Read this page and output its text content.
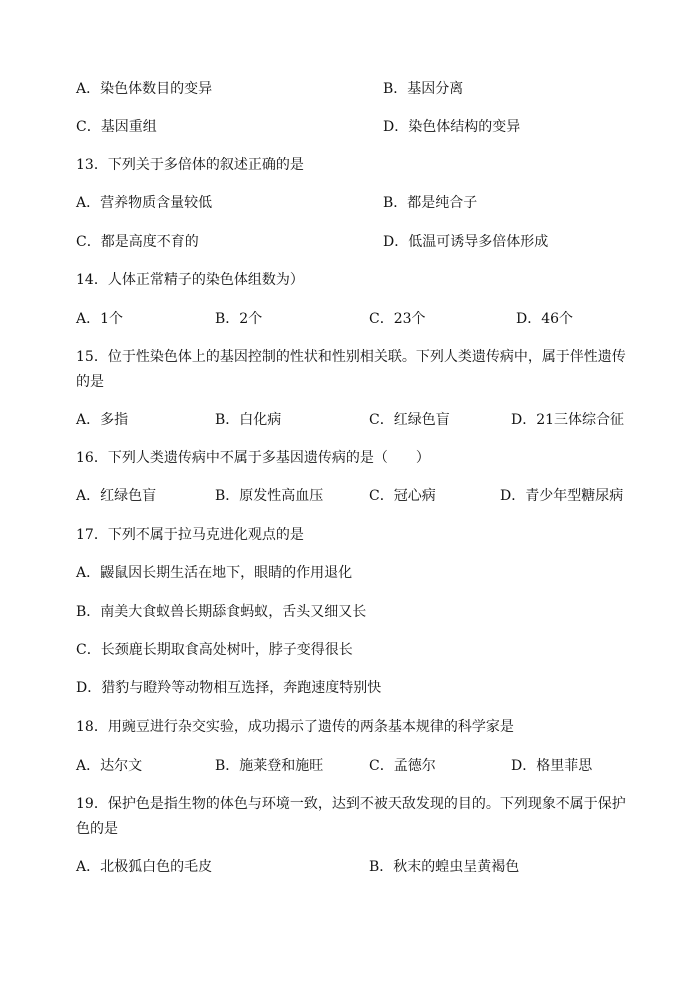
A．染色体数目的变异	B．基因分离
C．基因重组	D．染色体结构的变异
13．下列关于多倍体的叙述正确的是
A．营养物质含量较低	B．都是纯合子
C．都是高度不育的	D．低温可诱导多倍体形成
14．人体正常精子的染色体组数为）
A．1个	B．2个	C．23个	D．46个
15．位于性染色体上的基因控制的性状和性别相关联。下列人类遗传病中，属于伴性遗传
的是
A．多指	B．白化病	C．红绿色盲	D．21三体综合征
16．下列人类遗传病中不属于多基因遗传病的是（　　）
A．红绿色盲	B．原发性高血压	C．冠心病	D．青少年型糖尿病
17．下列不属于拉马克进化观点的是
A．鼹鼠因长期生活在地下，眼睛的作用退化
B．南美大食蚁兽长期舔食蚂蚁，舌头又细又长
C．长颈鹿长期取食高处树叶，脖子变得很长
D．猎豹与瞪羚等动物相互选择，奔跑速度特别快
18．用豌豆进行杂交实验，成功揭示了遗传的两条基本规律的科学家是
A．达尔文	B．施莱登和施旺	C．孟德尔	D．格里菲思
19．保护色是指生物的体色与环境一致，达到不被天敌发现的目的。下列现象不属于保护
色的是
A．北极狐白色的毛皮	B．秋末的蝗虫呈黄褐色
